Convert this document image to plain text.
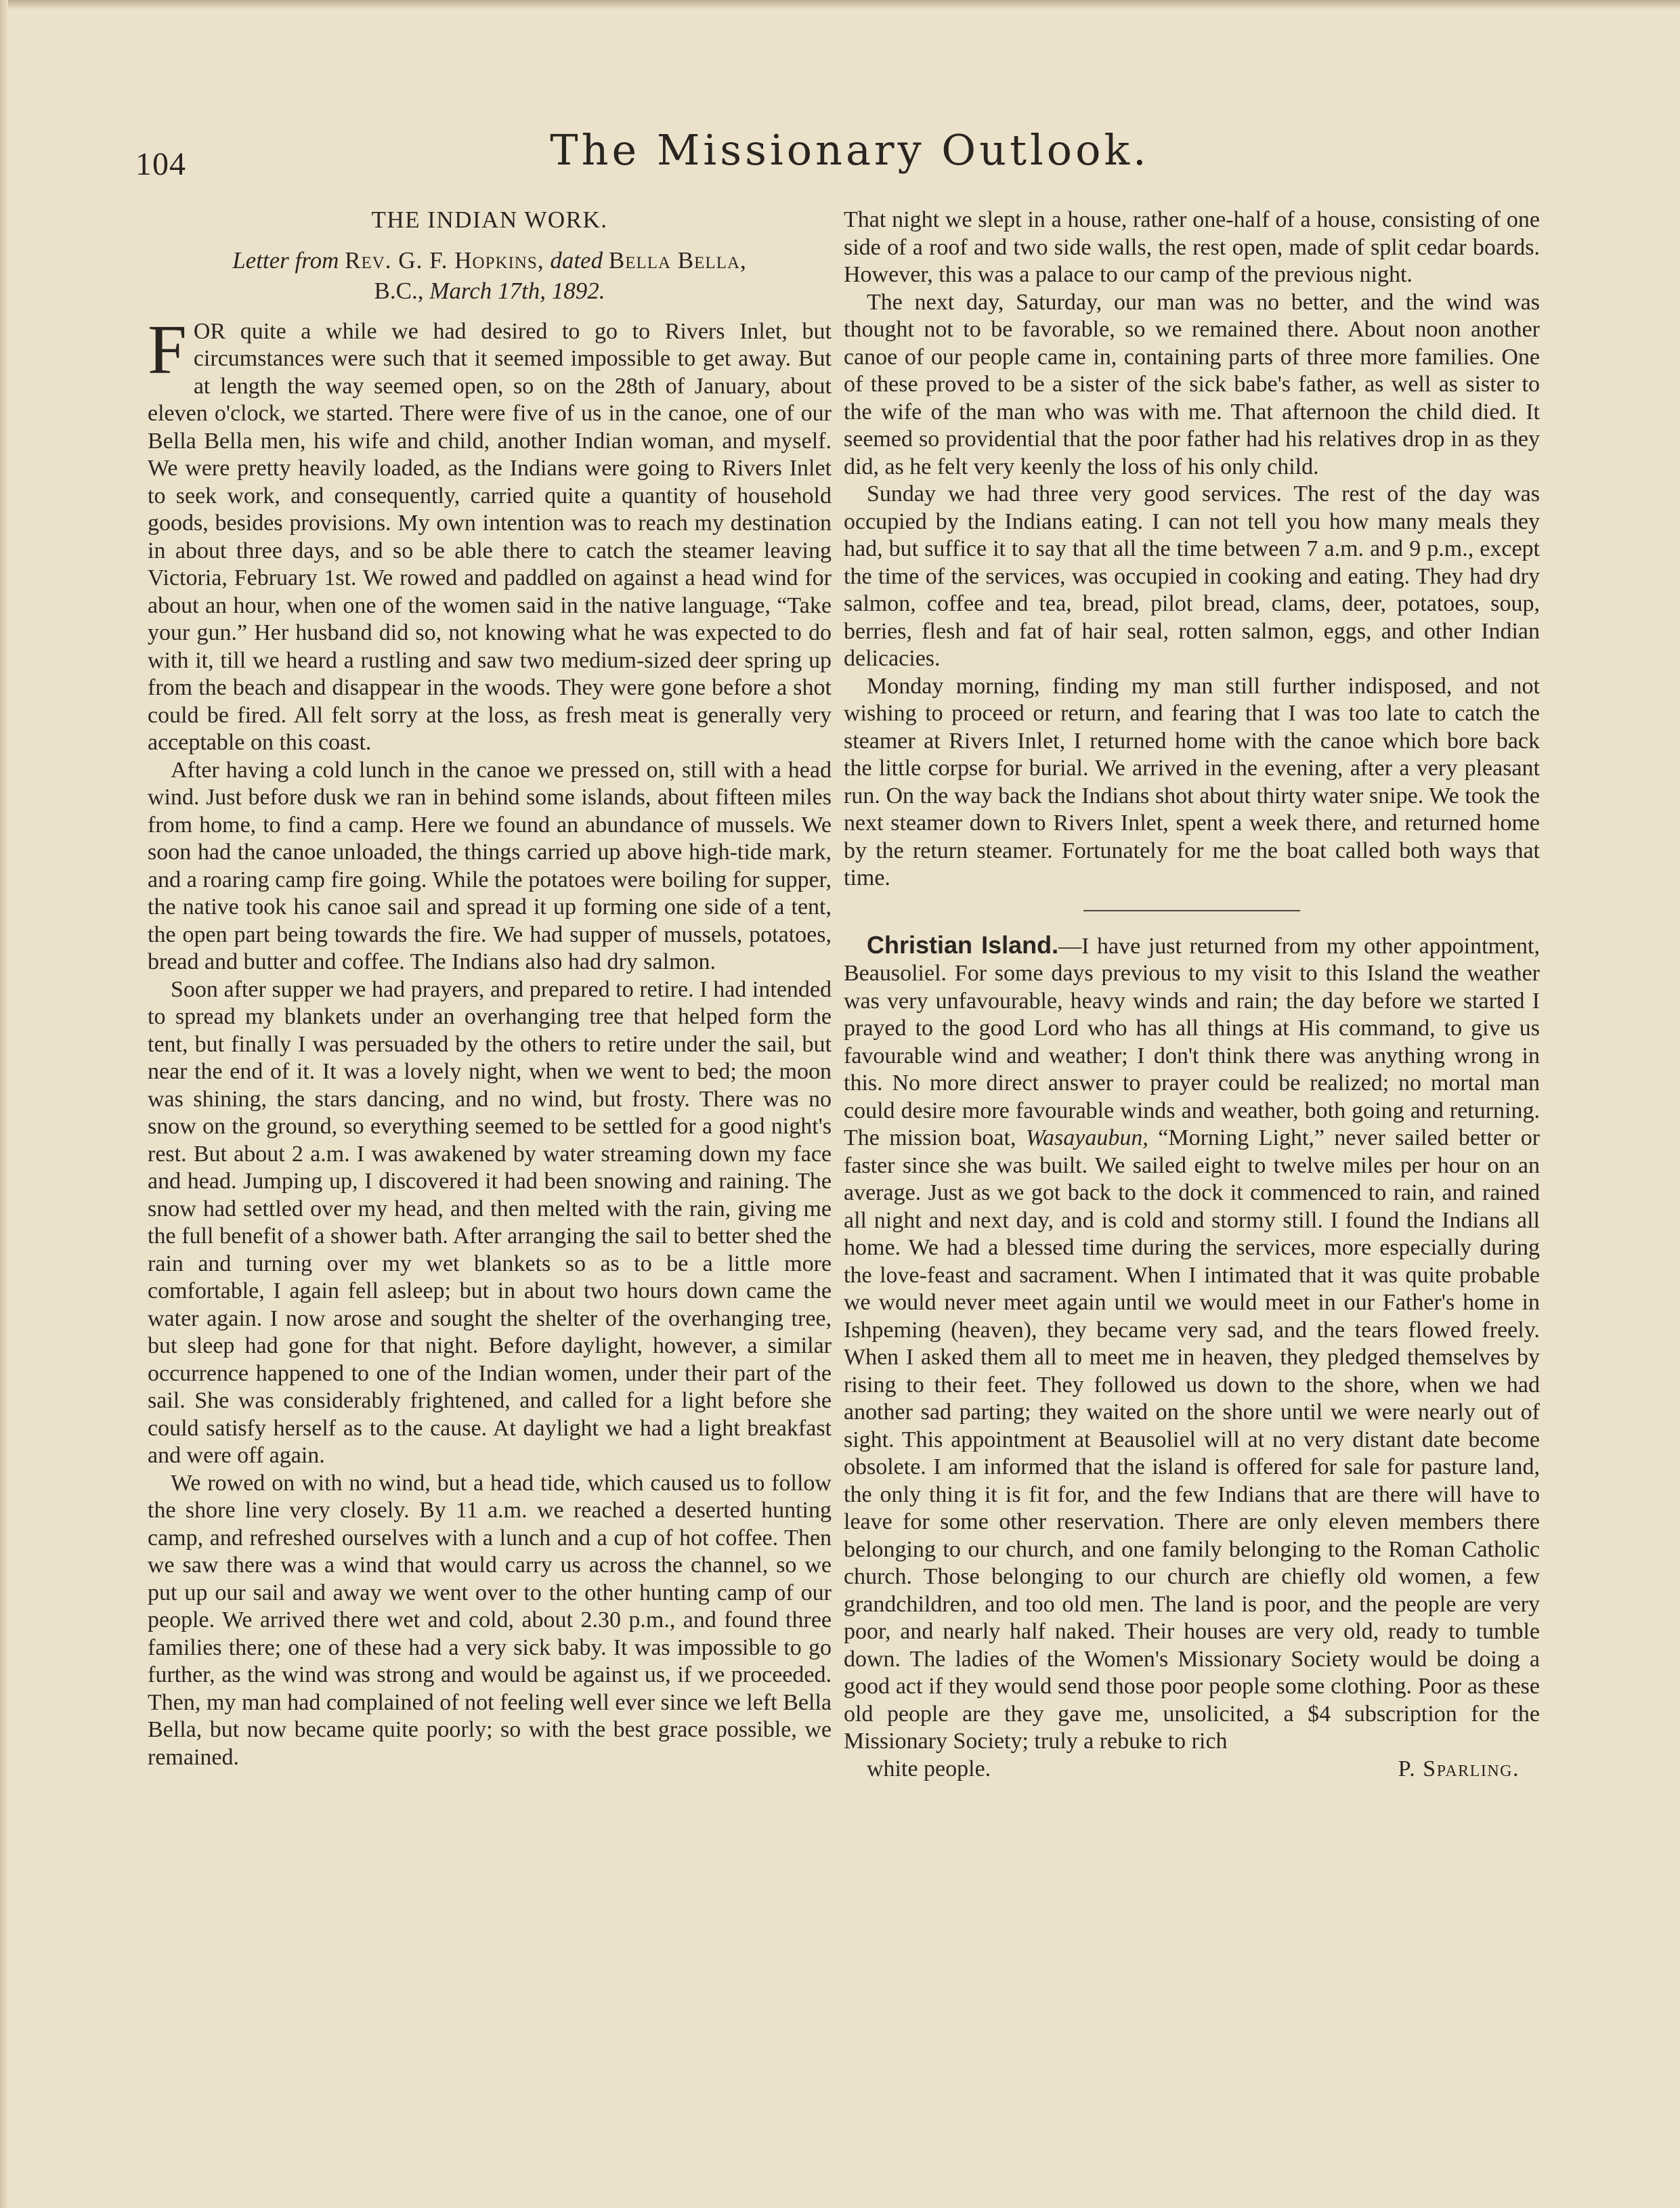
104	The Missionary Outlook.
THE INDIAN WORK.
Letter from Rev. G. F. Hopkins, dated Bella Bella,
B.C., March 17th, 1892.

FOR quite a while we had desired to go to Rivers Inlet, but circumstances were such that it seemed impossible to get away. But at length the way seemed open, so on the 28th of January, about eleven o'clock, we started. There were five of us in the canoe, one of our Bella Bella men, his wife and child, another Indian woman, and myself. We were pretty heavily loaded, as the Indians were going to Rivers Inlet to seek work, and consequently, carried quite a quantity of household goods, besides provisions. My own intention was to reach my destination in about three days, and so be able there to catch the steamer leaving Victoria, February 1st. We rowed and paddled on against a head wind for about an hour, when one of the women said in the native language, “Take your gun.” Her husband did so, not knowing what he was expected to do with it, till we heard a rustling and saw two medium-sized deer spring up from the beach and disappear in the woods. They were gone before a shot could be fired. All felt sorry at the loss, as fresh meat is generally very acceptable on this coast.

After having a cold lunch in the canoe we pressed on, still with a head wind. Just before dusk we ran in behind some islands, about fifteen miles from home, to find a camp. Here we found an abundance of mussels. We soon had the canoe unloaded, the things carried up above high-tide mark, and a roaring camp fire going. While the potatoes were boiling for supper, the native took his canoe sail and spread it up forming one side of a tent, the open part being towards the fire. We had supper of mussels, potatoes, bread and butter and coffee. The Indians also had dry salmon.

Soon after supper we had prayers, and prepared to retire. I had intended to spread my blankets under an overhanging tree that helped form the tent, but finally I was persuaded by the others to retire under the sail, but near the end of it. It was a lovely night, when we went to bed; the moon was shining, the stars dancing, and no wind, but frosty. There was no snow on the ground, so everything seemed to be settled for a good night's rest. But about 2 a.m. I was awakened by water streaming down my face and head. Jumping up, I discovered it had been snowing and raining. The snow had settled over my head, and then melted with the rain, giving me the full benefit of a shower bath. After arranging the sail to better shed the rain and turning over my wet blankets so as to be a little more comfortable, I again fell asleep; but in about two hours down came the water again. I now arose and sought the shelter of the overhanging tree, but sleep had gone for that night. Before daylight, however, a similar occurrence happened to one of the Indian women, under their part of the sail. She was considerably frightened, and called for a light before she could satisfy herself as to the cause. At daylight we had a light breakfast and were off again.

We rowed on with no wind, but a head tide, which caused us to follow the shore line very closely. By 11 a.m. we reached a deserted hunting camp, and refreshed ourselves with a lunch and a cup of hot coffee. Then we saw there was a wind that would carry us across the channel, so we put up our sail and away we went over to the other hunting camp of our people. We arrived there wet and cold, about 2.30 p.m., and found three families there; one of these had a very sick baby. It was impossible to go further, as the wind was strong and would be against us, if we proceeded. Then, my man had complained of not feeling well ever since we left Bella Bella, but now became quite poorly; so with the best grace possible, we remained.

That night we slept in a house, rather one-half of a house, consisting of one side of a roof and two side walls, the rest open, made of split cedar boards. However, this was a palace to our camp of the previous night.

The next day, Saturday, our man was no better, and the wind was thought not to be favorable, so we remained there. About noon another canoe of our people came in, containing parts of three more families. One of these proved to be a sister of the sick babe's father, as well as sister to the wife of the man who was with me. That afternoon the child died. It seemed so providential that the poor father had his relatives drop in as they did, as he felt very keenly the loss of his only child.

Sunday we had three very good services. The rest of the day was occupied by the Indians eating. I can not tell you how many meals they had, but suffice it to say that all the time between 7 a.m. and 9 p.m., except the time of the services, was occupied in cooking and eating. They had dry salmon, coffee and tea, bread, pilot bread, clams, deer, potatoes, soup, berries, flesh and fat of hair seal, rotten salmon, eggs, and other Indian delicacies.

Monday morning, finding my man still further indisposed, and not wishing to proceed or return, and fearing that I was too late to catch the steamer at Rivers Inlet, I returned home with the canoe which bore back the little corpse for burial. We arrived in the evening, after a very pleasant run. On the way back the Indians shot about thirty water snipe. We took the next steamer down to Rivers Inlet, spent a week there, and returned home by the return steamer. Fortunately for me the boat called both ways that time.

Christian Island.—I have just returned from my other appointment, Beausoliel. For some days previous to my visit to this Island the weather was very unfavourable, heavy winds and rain; the day before we started I prayed to the good Lord who has all things at His command, to give us favourable wind and weather; I don't think there was anything wrong in this. No more direct answer to prayer could be realized; no mortal man could desire more favourable winds and weather, both going and returning. The mission boat, Wasayaubun, “Morning Light,” never sailed better or faster since she was built. We sailed eight to twelve miles per hour on an average. Just as we got back to the dock it commenced to rain, and rained all night and next day, and is cold and stormy still. I found the Indians all home. We had a blessed time during the services, more especially during the love-feast and sacrament. When I intimated that it was quite probable we would never meet again until we would meet in our Father's home in Ishpeming (heaven), they became very sad, and the tears flowed freely. When I asked them all to meet me in heaven, they pledged themselves by rising to their feet. They followed us down to the shore, when we had another sad parting; they waited on the shore until we were nearly out of sight. This appointment at Beausoliel will at no very distant date become obsolete. I am informed that the island is offered for sale for pasture land, the only thing it is fit for, and the few Indians that are there will have to leave for some other reservation. There are only eleven members there belonging to our church, and one family belonging to the Roman Catholic church. Those belonging to our church are chiefly old women, a few grandchildren, and too old men. The land is poor, and the people are very poor, and nearly half naked. Their houses are very old, ready to tumble down. The ladies of the Women's Missionary Society would be doing a good act if they would send those poor people some clothing. Poor as these old people are they gave me, unsolicited, a $4 subscription for the Missionary Society; truly a rebuke to rich

white people.	P. Sparling.
